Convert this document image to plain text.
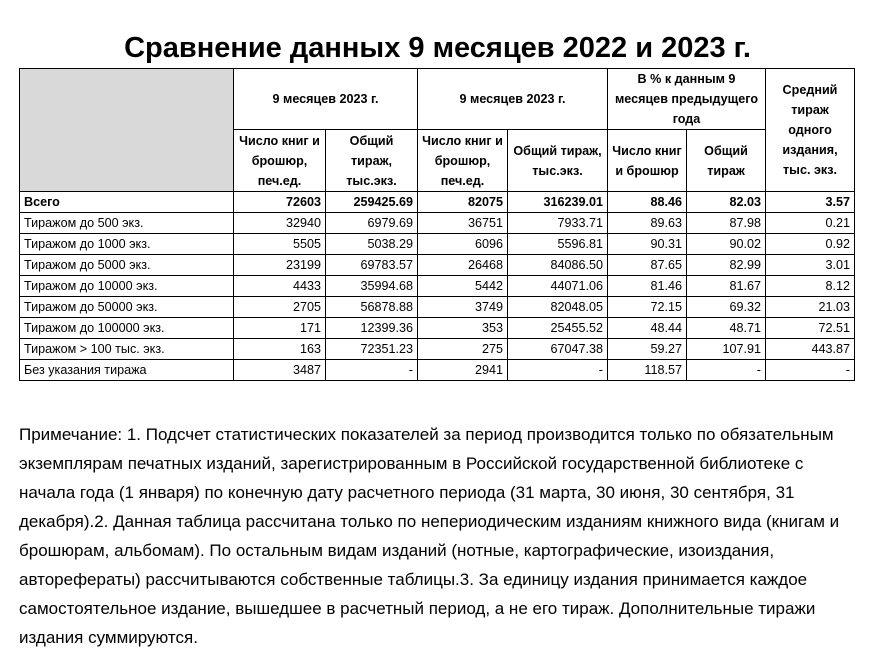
Сравнение данных 9 месяцев 2022 и 2023 г.
	9 месяцев 2023 г.		9 месяцев 2023 г.		В % к данным 9 месяцев предыдущего года		Средний тираж одного издания, тыс. экз.
	Число книг и брошюр, печ.ед.	Общий тираж, тыс.экз.	Число книг и брошюр, печ.ед.	Общий тираж, тыс.экз.	Число книг и брошюр	Общий тираж	
Всего	72603	259425.69	82075	316239.01	88.46	82.03	3.57
Тиражом до 500 экз.	32940	6979.69	36751	7933.71	89.63	87.98	0.21
Тиражом до 1000 экз.	5505	5038.29	6096	5596.81	90.31	90.02	0.92
Тиражом до 5000 экз.	23199	69783.57	26468	84086.50	87.65	82.99	3.01
Тиражом до 10000 экз.	4433	35994.68	5442	44071.06	81.46	81.67	8.12
Тиражом до 50000 экз.	2705	56878.88	3749	82048.05	72.15	69.32	21.03
Тиражом до 100000 экз.	171	12399.36	353	25455.52	48.44	48.71	72.51
Тиражом > 100 тыс. экз.	163	72351.23	275	67047.38	59.27	107.91	443.87
Без указания тиража	3487	-	2941	-	118.57	-	-

Примечание: 1. Подсчет статистических показателей за период производится только по обязательным экземплярам печатных изданий, зарегистрированным в Российской государственной библиотеке с начала года (1 января) по конечную дату расчетного периода (31 марта, 30 июня, 30 сентября, 31 декабря).2. Данная таблица рассчитана только по непериодическим изданиям книжного вида (книгам и брошюрам, альбомам). По остальным видам изданий (нотные, картографические, изоиздания, авторефераты) рассчитываются собственные таблицы.3. За единицу издания принимается каждое самостоятельное издание, вышедшее в расчетный период, а не его тираж. Дополнительные тиражи издания суммируются.
